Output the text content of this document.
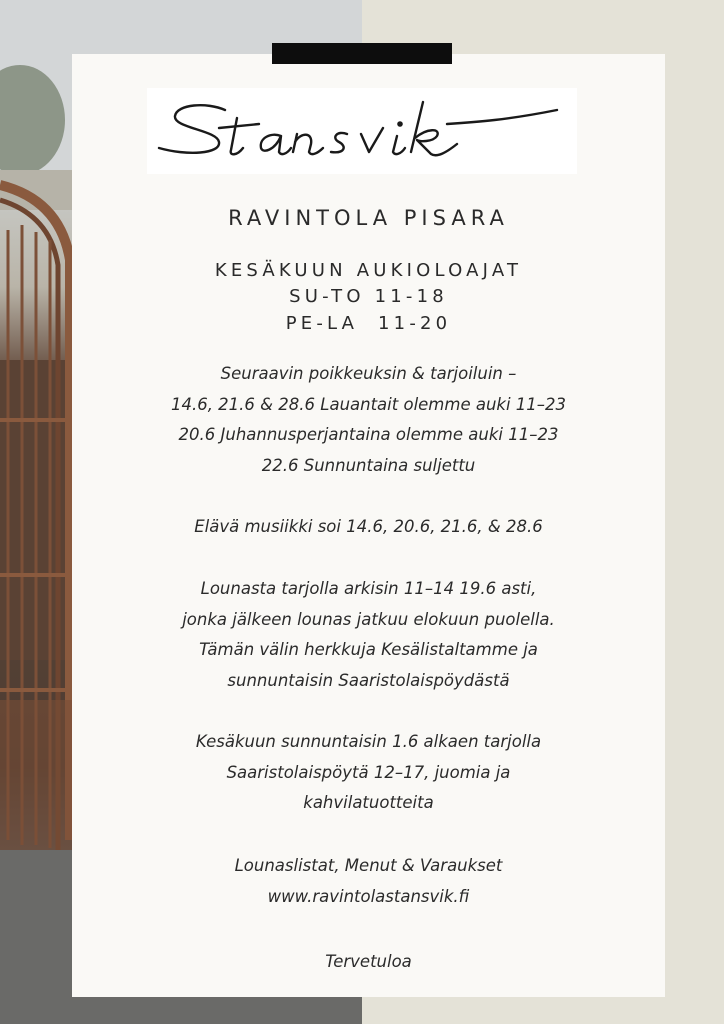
RAVINTOLA PISARA
KESÄKUUN AUKIOLOAJAT
SU-TO 11-18
PE-LA  11-20
Seuraavin poikkeuksin & tarjoiluin –
14.6, 21.6 & 28.6 Lauantait olemme auki 11–23
20.6 Juhannusperjantaina olemme auki 11–23
22.6 Sunnuntaina suljettu
Elävä musiikki soi 14.6, 20.6, 21.6, & 28.6
Lounasta tarjolla arkisin 11–14 19.6 asti,
jonka jälkeen lounas jatkuu elokuun puolella.
Tämän välin herkkuja Kesälistaltamme ja
sunnuntaisin Saaristolaispöydästä
Kesäkuun sunnuntaisin 1.6 alkaen tarjolla
Saaristolaispöytä 12–17, juomia ja
kahvilatuotteita
Lounaslistat, Menut & Varaukset
www.ravintolastansvik.fi
Tervetuloa
